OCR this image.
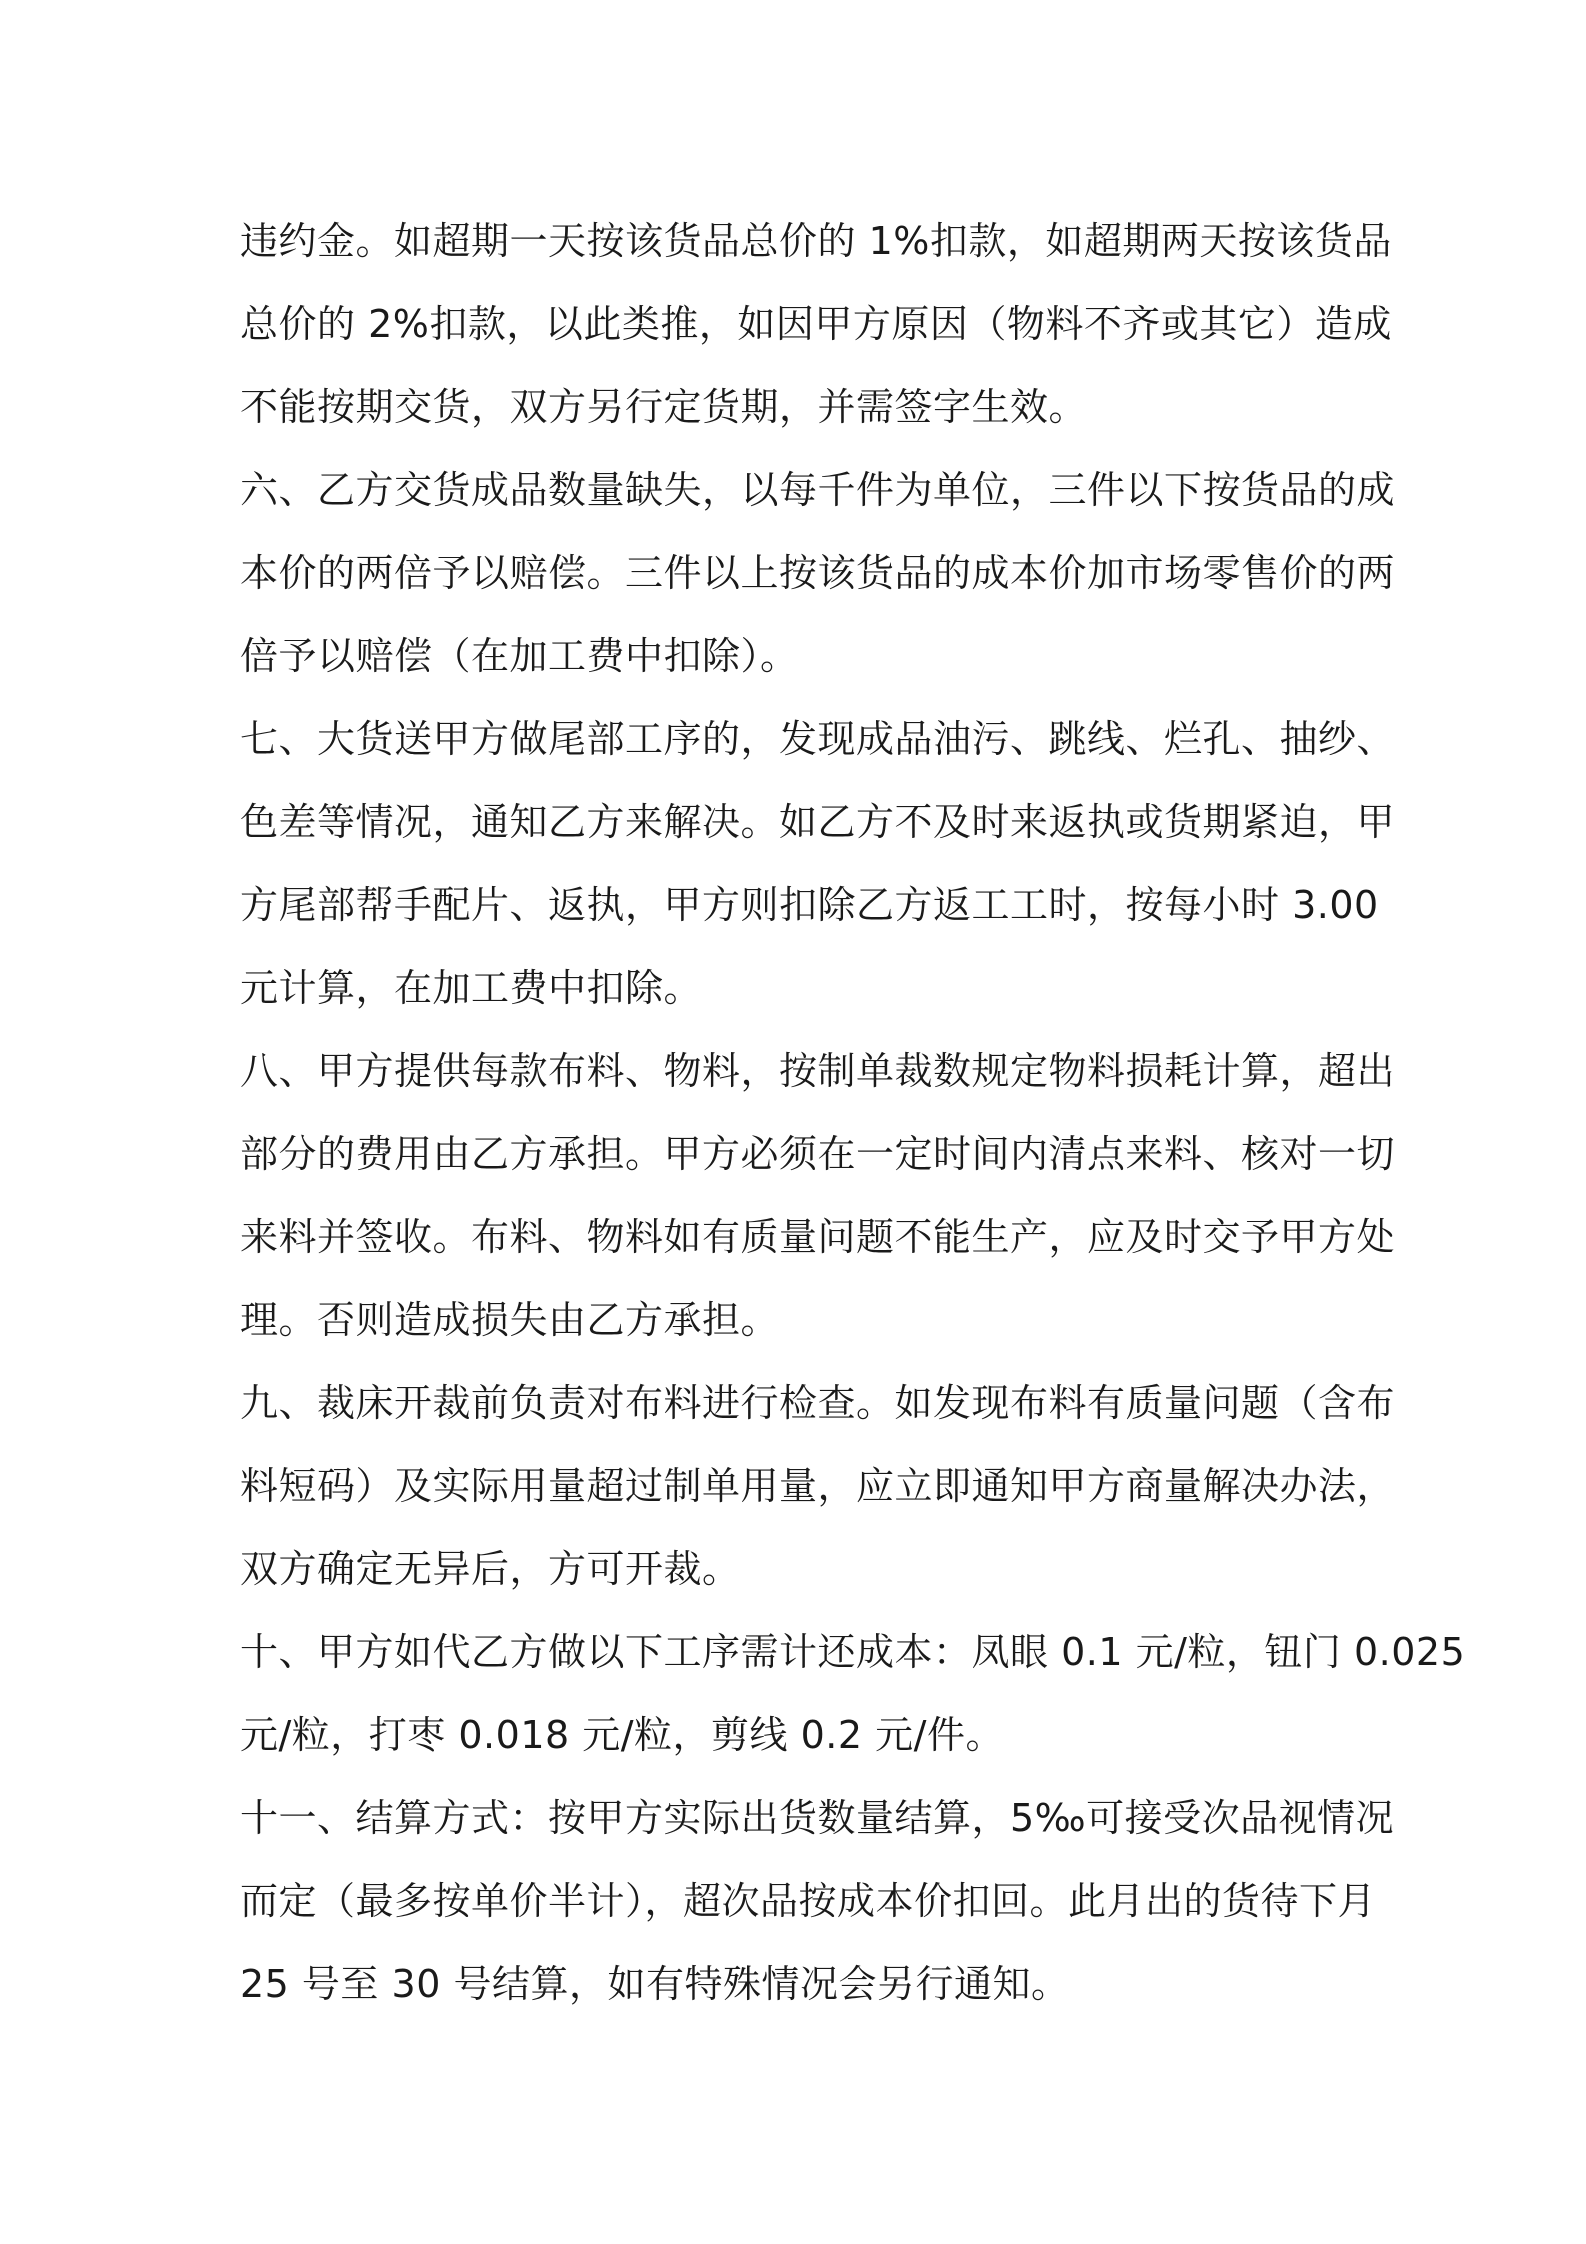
违约金。如超期一天按该货品总价的 1%扣款，如超期两天按该货品
总价的 2%扣款，以此类推，如因甲方原因（物料不齐或其它）造成
不能按期交货，双方另行定货期，并需签字生效。
六、乙方交货成品数量缺失，以每千件为单位，三件以下按货品的成
本价的两倍予以赔偿。三件以上按该货品的成本价加市场零售价的两
倍予以赔偿（在加工费中扣除）。
七、大货送甲方做尾部工序的，发现成品油污、跳线、烂孔、抽纱、
色差等情况，通知乙方来解决。如乙方不及时来返执或货期紧迫，甲
方尾部帮手配片、返执，甲方则扣除乙方返工工时，按每小时 3.00
元计算，在加工费中扣除。
八、甲方提供每款布料、物料，按制单裁数规定物料损耗计算，超出
部分的费用由乙方承担。甲方必须在一定时间内清点来料、核对一切
来料并签收。布料、物料如有质量问题不能生产，应及时交予甲方处
理。否则造成损失由乙方承担。
九、裁床开裁前负责对布料进行检查。如发现布料有质量问题（含布
料短码）及实际用量超过制单用量，应立即通知甲方商量解决办法，
双方确定无异后，方可开裁。
十、甲方如代乙方做以下工序需计还成本：凤眼 0.1 元/粒，钮门 0.025
元/粒，打枣 0.018 元/粒，剪线 0.2 元/件。
十一、结算方式：按甲方实际出货数量结算，5‰可接受次品视情况
而定（最多按单价半计），超次品按成本价扣回。此月出的货待下月
25 号至 30 号结算，如有特殊情况会另行通知。
